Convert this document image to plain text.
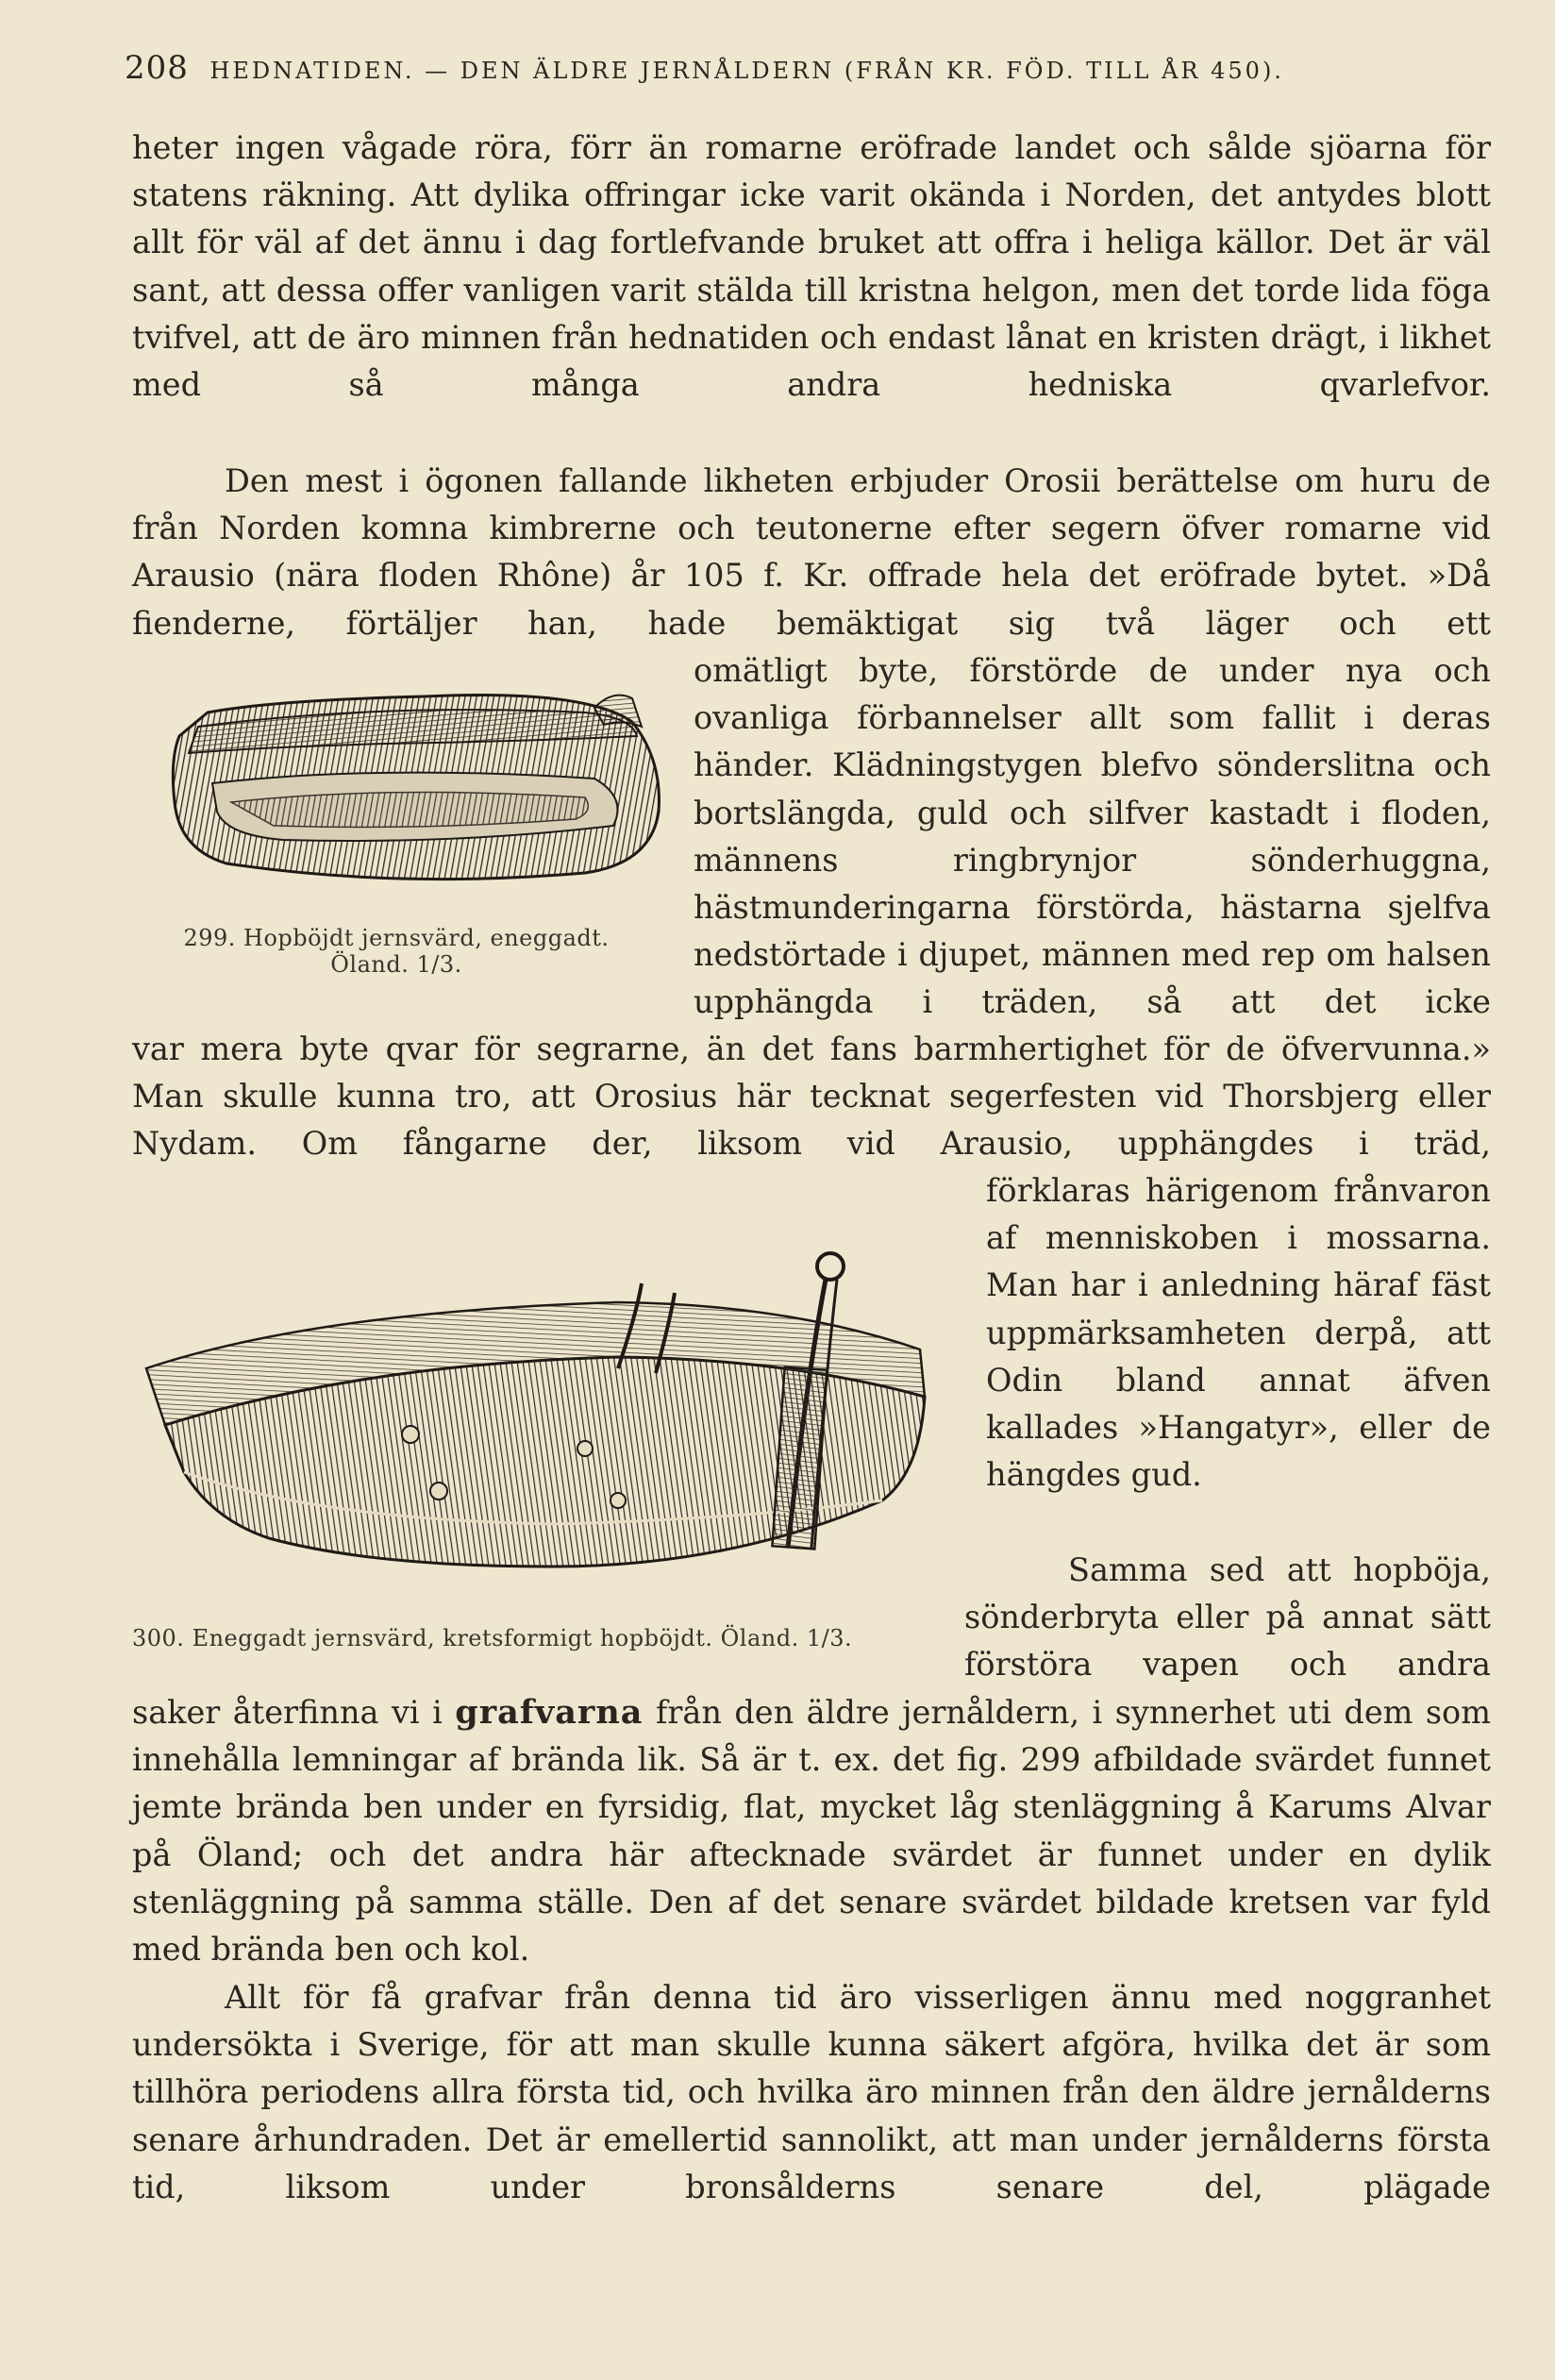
208 HEDNATIDEN. — DEN ÄLDRE JERNÅLDERN (FRÅN KR. FÖD. TILL ÅR 450).

heter ingen vågade röra, förr än romarne eröfrade landet och sålde sjöarna för statens räkning. Att dylika offringar icke varit okända i Norden, det antydes blott allt för väl af det ännu i dag fortlefvande bruket att offra i heliga källor. Det är väl sant, att dessa offer vanligen varit stälda till kristna helgon, men det torde lida föga tvifvel, att de äro minnen från hednatiden och endast lånat en kristen drägt, i likhet med så många andra hedniska qvarlefvor.

Den mest i ögonen fallande likheten erbjuder Orosii berättelse om huru de från Norden komna kimbrerne och teutonerne efter segern öfver romarne vid Arausio (nära floden Rhône) år 105 f. Kr. offrade hela det eröfrade bytet. »Då fienderne, förtäljer han, hade bemäktigat sig två läger och ett

omätligt byte, förstörde de under nya och ovanliga förbannelser allt som fallit i deras händer. Klädningstygen blefvo sönderslitna och bortslängda, guld och silfver kastadt i floden, männens ringbrynjor sönderhuggna, hästmunderingarna förstörda, hästarna sjelfva nedstörtade i djupet, männen med rep om halsen upphängda i träden, så att det icke

var mera byte qvar för segrarne, än det fans barmhertighet för de öfvervunna.» Man skulle kunna tro, att Orosius här tecknat segerfesten vid Thorsbjerg eller Nydam. Om fångarne der, liksom vid Arausio, upphängdes i träd,

förklaras härigenom frånvaron af menniskoben i mossarna. Man har i anledning häraf fäst uppmärksamheten derpå, att Odin bland annat äfven kallades »Hangatyr», eller de hängdes gud.

Samma sed att hopböja, sönderbryta eller på annat sätt förstöra vapen och andra

saker återfinna vi i grafvarna från den äldre jernåldern, i synnerhet uti dem som innehålla lemningar af brända lik. Så är t. ex. det fig. 299 afbildade svärdet funnet jemte brända ben under en fyrsidig, flat, mycket låg stenläggning å Karums Alvar på Öland; och det andra här aftecknade svärdet är funnet under en dylik stenläggning på samma ställe. Den af det senare svärdet bildade kretsen var fyld med brända ben och kol.

Allt för få grafvar från denna tid äro visserligen ännu med noggranhet undersökta i Sverige, för att man skulle kunna säkert afgöra, hvilka det är som tillhöra periodens allra första tid, och hvilka äro minnen från den äldre jernålderns senare århundraden. Det är emellertid sannolikt, att man under jernålderns första tid, liksom under bronsålderns senare del, plägade

299. Hopböjdt jernsvärd, eneggadt.
Öland. 1/3.
300. Eneggadt jernsvärd, kretsformigt hopböjdt. Öland. 1/3.
